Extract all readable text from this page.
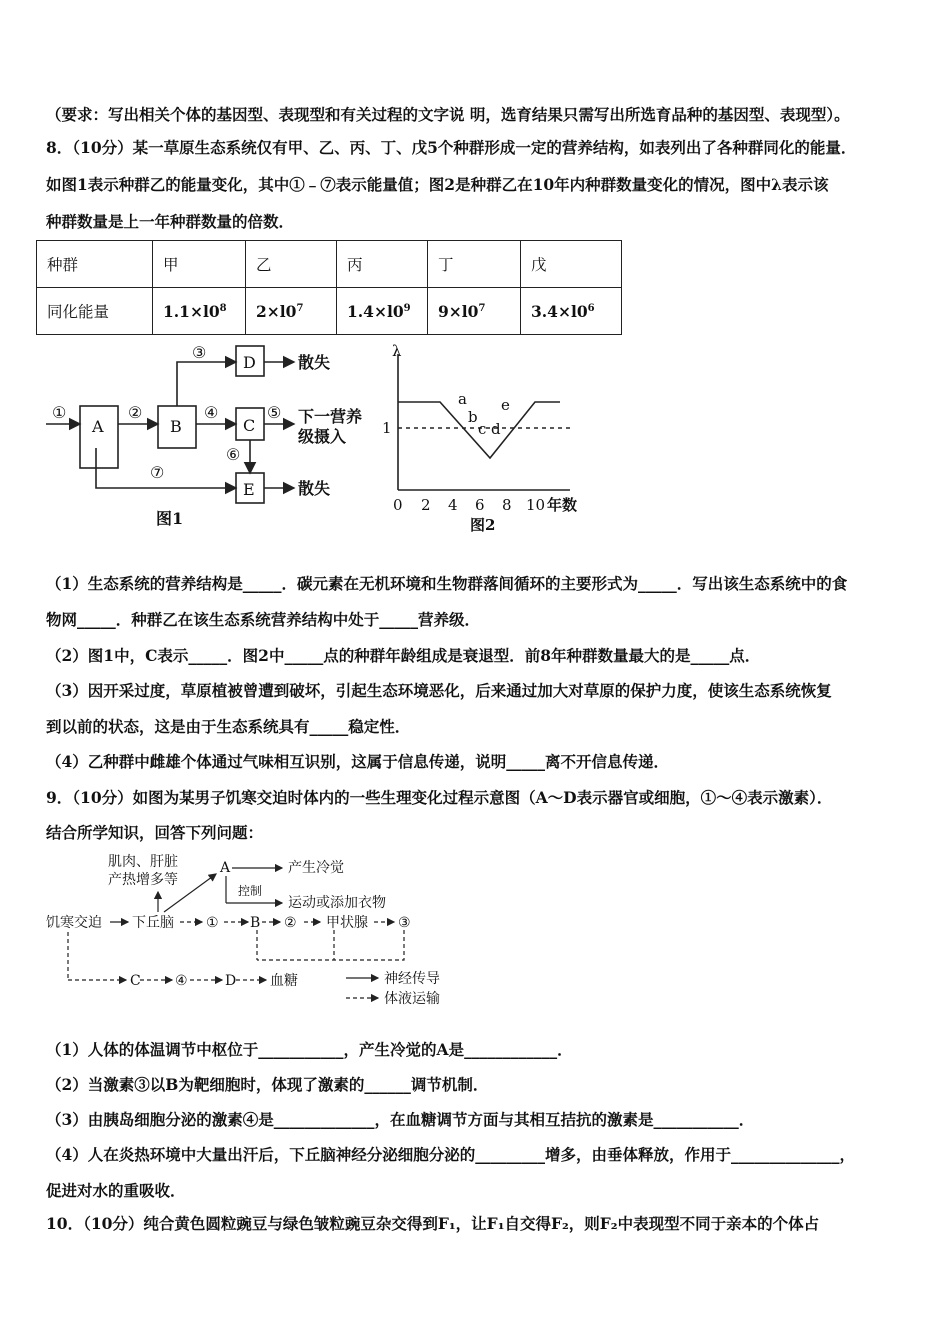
（要求：写出相关个体的基因型、表现型和有关过程的文字说 明，选育结果只需写出所选育品种的基因型、表现型）。
8．（10分）某一草原生态系统仅有甲、乙、丙、丁、戊5个种群形成一定的营养结构，如表列出了各种群同化的能量．
如图1表示种群乙的能量变化，其中①﹣⑦表示能量值；图2是种群乙在10年内种群数量变化的情况，图中λ表示该
种群数量是上一年种群数量的倍数．
种群	甲	乙	丙	丁	戊
同化能量	$1.1\times l0^8$	$2\times l0^7$	$1.4\times l0^9$	$9\times l0^7$	$3.4\times l0^6$
A	B
D
C
E
①	②
③
④	⑤
⑥
⑦
散失
下一营养
级摄入
散失
图1
λ
1
0 2 4 6 8 10 年数
a
b
c d
e
图2
（1）生态系统的营养结构是_____．碳元素在无机环境和生物群落间循环的主要形式为_____．写出该生态系统中的食
物网_____．种群乙在该生态系统营养结构中处于_____营养级．
（2）图1中，C表示_____．图2中_____点的种群年龄组成是衰退型．前8年种群数量最大的是_____点．
（3）因开采过度，草原植被曾遭到破坏，引起生态环境恶化，后来通过加大对草原的保护力度，使该生态系统恢复
到以前的状态，这是由于生态系统具有_____稳定性．
（4）乙种群中雌雄个体通过气味相互识别，这属于信息传递，说明_____离不开信息传递．
9．（10分）如图为某男子饥寒交迫时体内的一些生理变化过程示意图（A～D表示器官或细胞，①～④表示激素）．
结合所学知识，回答下列问题：
肌肉、肝脏
产热增多等
A	产生冷觉
控制
运动或添加衣物
饥寒交迫 下丘脑 ① B ② 甲状腺 ③
C ④	D 血糖	神经传导
体液运输
（1）人体的体温调节中枢位于___________，产生冷觉的A是____________．
（2）当激素③以B为靶细胞时，体现了激素的______调节机制．
（3）由胰岛细胞分泌的激素④是_____________，在血糖调节方面与其相互拮抗的激素是___________．
（4）人在炎热环境中大量出汗后，下丘脑神经分泌细胞分泌的_________增多，由垂体释放，作用于______________，
促进对水的重吸收．
10．（10分）纯合黄色圆粒豌豆与绿色皱粒豌豆杂交得到F₁，让F₁自交得F₂，则F₂中表现型不同于亲本的个体占
